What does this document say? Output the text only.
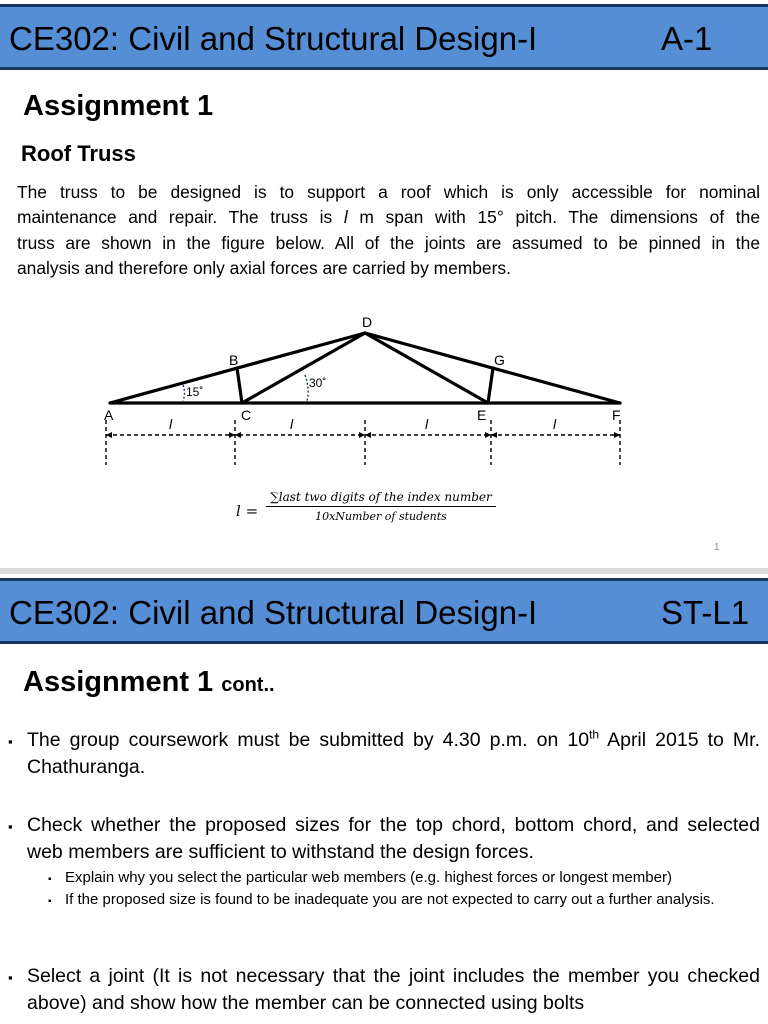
CE302: Civil and Structural Design-I	A-1
Assignment 1
Roof Truss
The truss to be designed is to support a roof which is only accessible for nominal
maintenance and repair. The truss is l m span with 15° pitch. The dimensions of the
truss are shown in the figure below. All of the joints are assumed to be pinned in the
analysis and therefore only axial forces are carried by members.
15˚
30˚
A
B
C
D
E	F
G
l	l	l	l
l =
∑last two digits of the index number
10xNumber of students
1
CE302: Civil and Structural Design-I	ST-L1
Assignment 1 cont..
▪ The group coursework must be submitted by 4.30 p.m. on 10th April 2015 to Mr. Chathuranga.
▪ Check whether the proposed sizes for the top chord, bottom chord, and selected web members are sufficient to withstand the design forces.
▪ Explain why you select the particular web members (e.g. highest forces or longest member)
▪ If the proposed size is found to be inadequate you are not expected to carry out a further analysis.
▪ Select a joint (It is not necessary that the joint includes the member you checked above) and show how the member can be connected using bolts
